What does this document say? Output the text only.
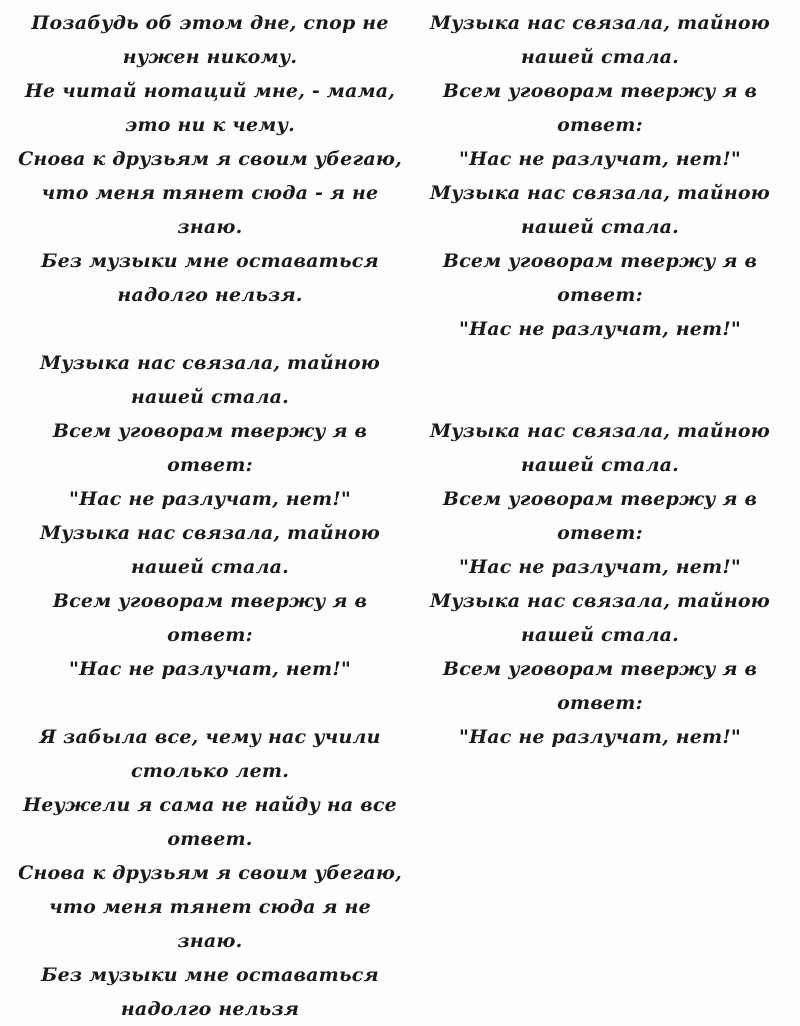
Позабудь об этом дне, спор не нужен никому.

Не читай нотаций мне, - мама, это ни к чему.

Снова к друзьям я своим убегаю, что меня тянет сюда - я не знаю.

Без музыки мне оставаться надолго нельзя.

Музыка нас связала, тайною нашей стала.

Всем уговорам твержу я в ответ:

"Нас не разлучат, нет!"

Музыка нас связала, тайною нашей стала.

Всем уговорам твержу я в ответ:

"Нас не разлучат, нет!"

Я забыла все, чему нас учили столько лет.

Неужели я сама не найду на все ответ.

Снова к друзьям я своим убегаю, что меня тянет сюда я не знаю.

Без музыки мне оставаться надолго нельзя

Музыка нас связала, тайною нашей стала.

Всем уговорам твержу я в ответ:

"Нас не разлучат, нет!"

Музыка нас связала, тайною нашей стала.

Всем уговорам твержу я в ответ:

"Нас не разлучат, нет!"

Музыка нас связала, тайною нашей стала.

Всем уговорам твержу я в ответ:

"Нас не разлучат, нет!"

Музыка нас связала, тайною нашей стала.

Всем уговорам твержу я в ответ:

"Нас не разлучат, нет!"
